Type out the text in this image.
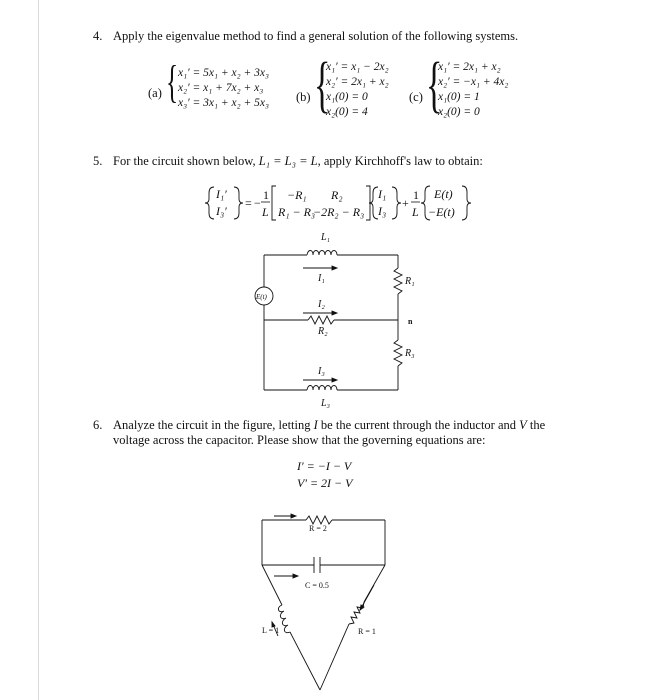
4. Apply the eigenvalue method to find a general solution of the following systems.
(a) { x₁′ = 5x₁ + x₂ + 3x₃
x₂′ = x₁ + 7x₂ + x₃
x₃′ = 3x₁ + x₂ + 5x₃ (b) {
x₁′ = x₁ − 2x₂
x₂′ = 2x₁ + x₂
x₁(0) = 0
x₂(0) = 4
(c) {
x₁′ = 2x₁ + x₂
x₂′ = −x₁ + 4x₂
x₁(0) = 1
x₂(0) = 0
5. For the circuit shown below, L₁ = L₃ = L, apply Kirchhoff's law to obtain:
I₁′
I₃′
= −
1
L
−R₁ R₂
R₁ − R₃
−2R₂ − R₃
I₁
I₃
+
1
L
E(t)
−E(t)
E(t)
L₁
I₁
I₂
R₂
I₃
L₃
R₁
R₃
n
R = 2
C = 0.5
L = 1	R = 1
6. Analyze the circuit in the figure, letting I be the current through the inductor and V the
voltage across the capacitor. Please show that the governing equations are:
I′ = −I − V
V′ = 2I − V
